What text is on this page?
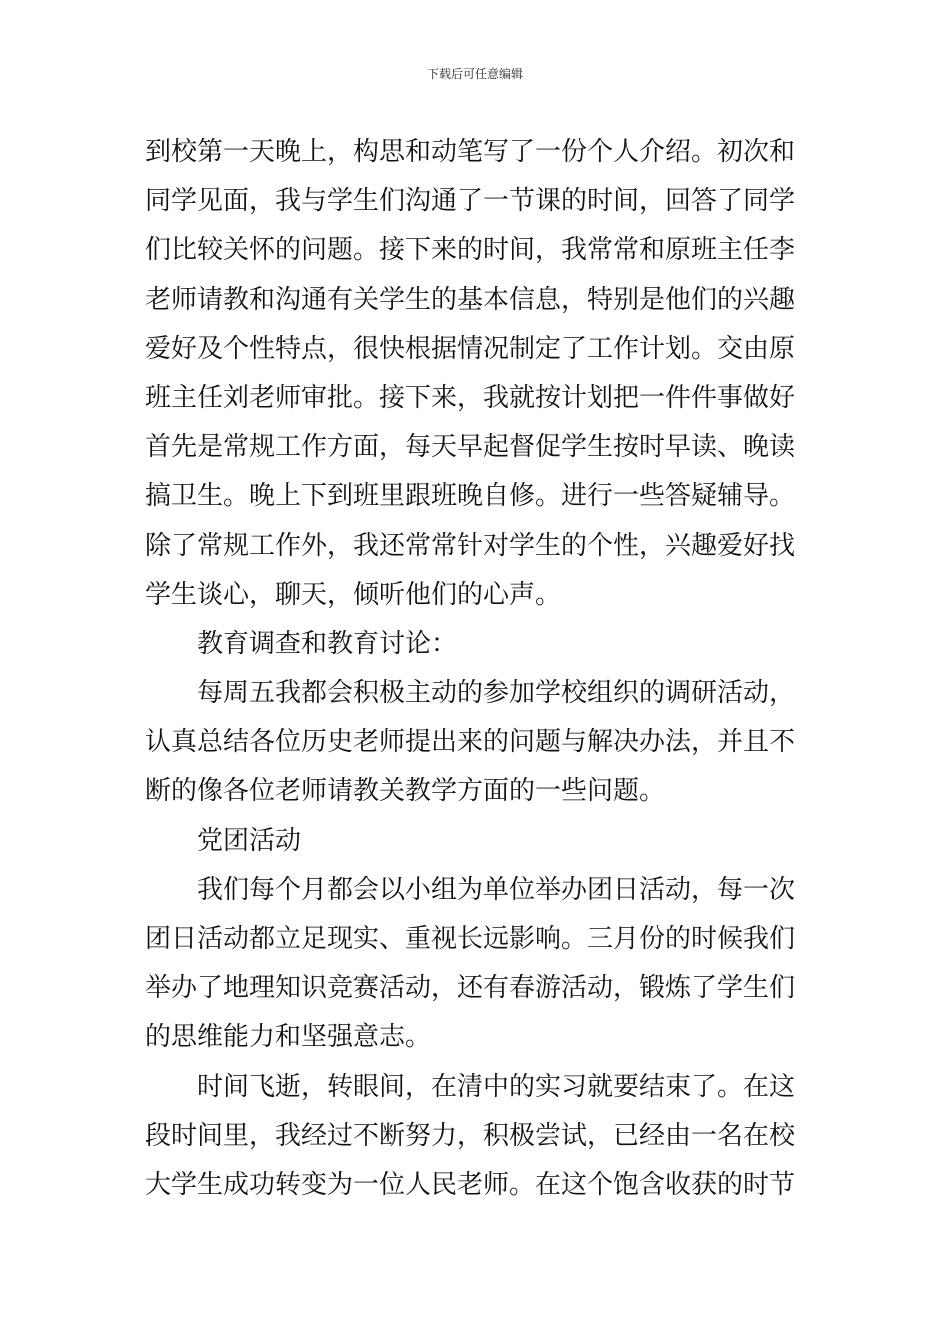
下载后可任意编辑
到校第一天晚上，构思和动笔写了一份个人介绍。初次和
同学见面，我与学生们沟通了一节课的时间，回答了同学
们比较关怀的问题。接下来的时间，我常常和原班主任李
老师请教和沟通有关学生的基本信息，特别是他们的兴趣
爱好及个性特点，很快根据情况制定了工作计划。交由原
班主任刘老师审批。接下来，我就按计划把一件件事做好
首先是常规工作方面，每天早起督促学生按时早读、晚读
搞卫生。晚上下到班里跟班晚自修。进行一些答疑辅导。
除了常规工作外，我还常常针对学生的个性，兴趣爱好找
学生谈心，聊天，倾听他们的心声。
教育调查和教育讨论：
每周五我都会积极主动的参加学校组织的调研活动，
认真总结各位历史老师提出来的问题与解决办法，并且不
断的像各位老师请教关教学方面的一些问题。
党团活动
我们每个月都会以小组为单位举办团日活动，每一次
团日活动都立足现实、重视长远影响。三月份的时候我们
举办了地理知识竞赛活动，还有春游活动，锻炼了学生们
的思维能力和坚强意志。
时间飞逝，转眼间，在清中的实习就要结束了。在这
段时间里，我经过不断努力，积极尝试，已经由一名在校
大学生成功转变为一位人民老师。在这个饱含收获的时节
